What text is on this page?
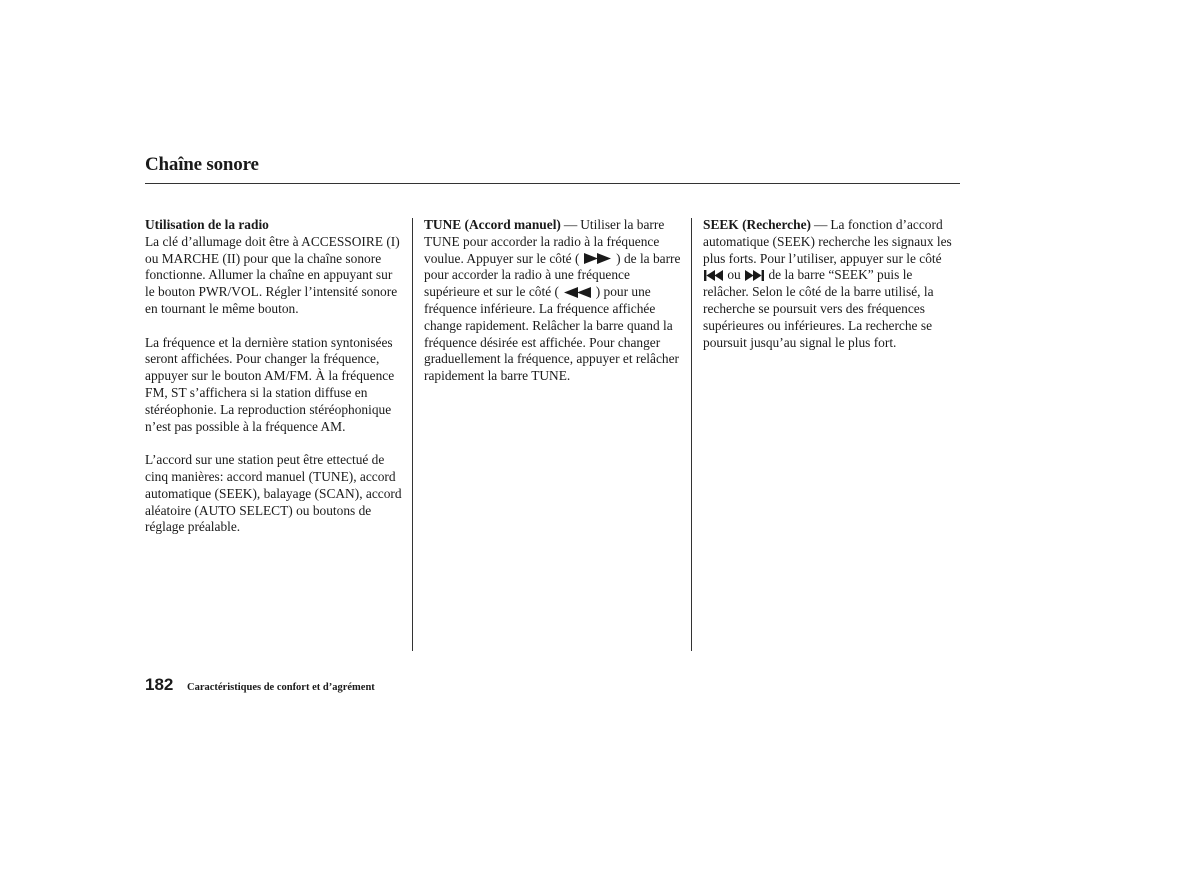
Chaîne sonore

Utilisation de la radio
La clé d’allumage doit être à ACCESSOIRE (I) ou MARCHE (II) pour que la chaîne sonore fonctionne. Allumer la chaîne en appuyant sur le bouton PWR/VOL. Régler l’intensité sonore en tournant le même bouton.

La fréquence et la dernière station syntonisées seront affichées. Pour changer la fréquence, appuyer sur le bouton AM/FM. À la fréquence FM, ST s’affichera si la station diffuse en stéréophonie. La reproduction stéréophonique n’est pas possible à la fréquence AM.

L’accord sur une station peut être ettectué de cinq manières: accord manuel (TUNE), accord automatique (SEEK), balayage (SCAN), accord aléatoire (AUTO SELECT) ou boutons de réglage préalable.

TUNE (Accord manuel) — Utiliser la barre TUNE pour accorder la radio à la fréquence voulue. Appuyer sur le côté (	) de la barre pour accorder la radio à une fréquence supérieure et sur le côté (	) pour une fréquence inférieure. La fréquence affichée change rapidement. Relâcher la barre quand la fréquence désirée est affichée. Pour changer graduellement la fréquence, appuyer et relâcher rapidement la barre TUNE.

SEEK (Recherche) — La fonction d’accord automatique (SEEK) recherche les signaux les plus forts. Pour l’utiliser, appuyer sur le côté
ou de la barre “SEEK” puis le relâcher. Selon le côté de la barre utilisé, la recherche se poursuit vers des fréquences supérieures ou inférieures. La recherche se poursuit jusqu’au signal le plus fort.

182 Caractéristiques de confort et d’agrément
